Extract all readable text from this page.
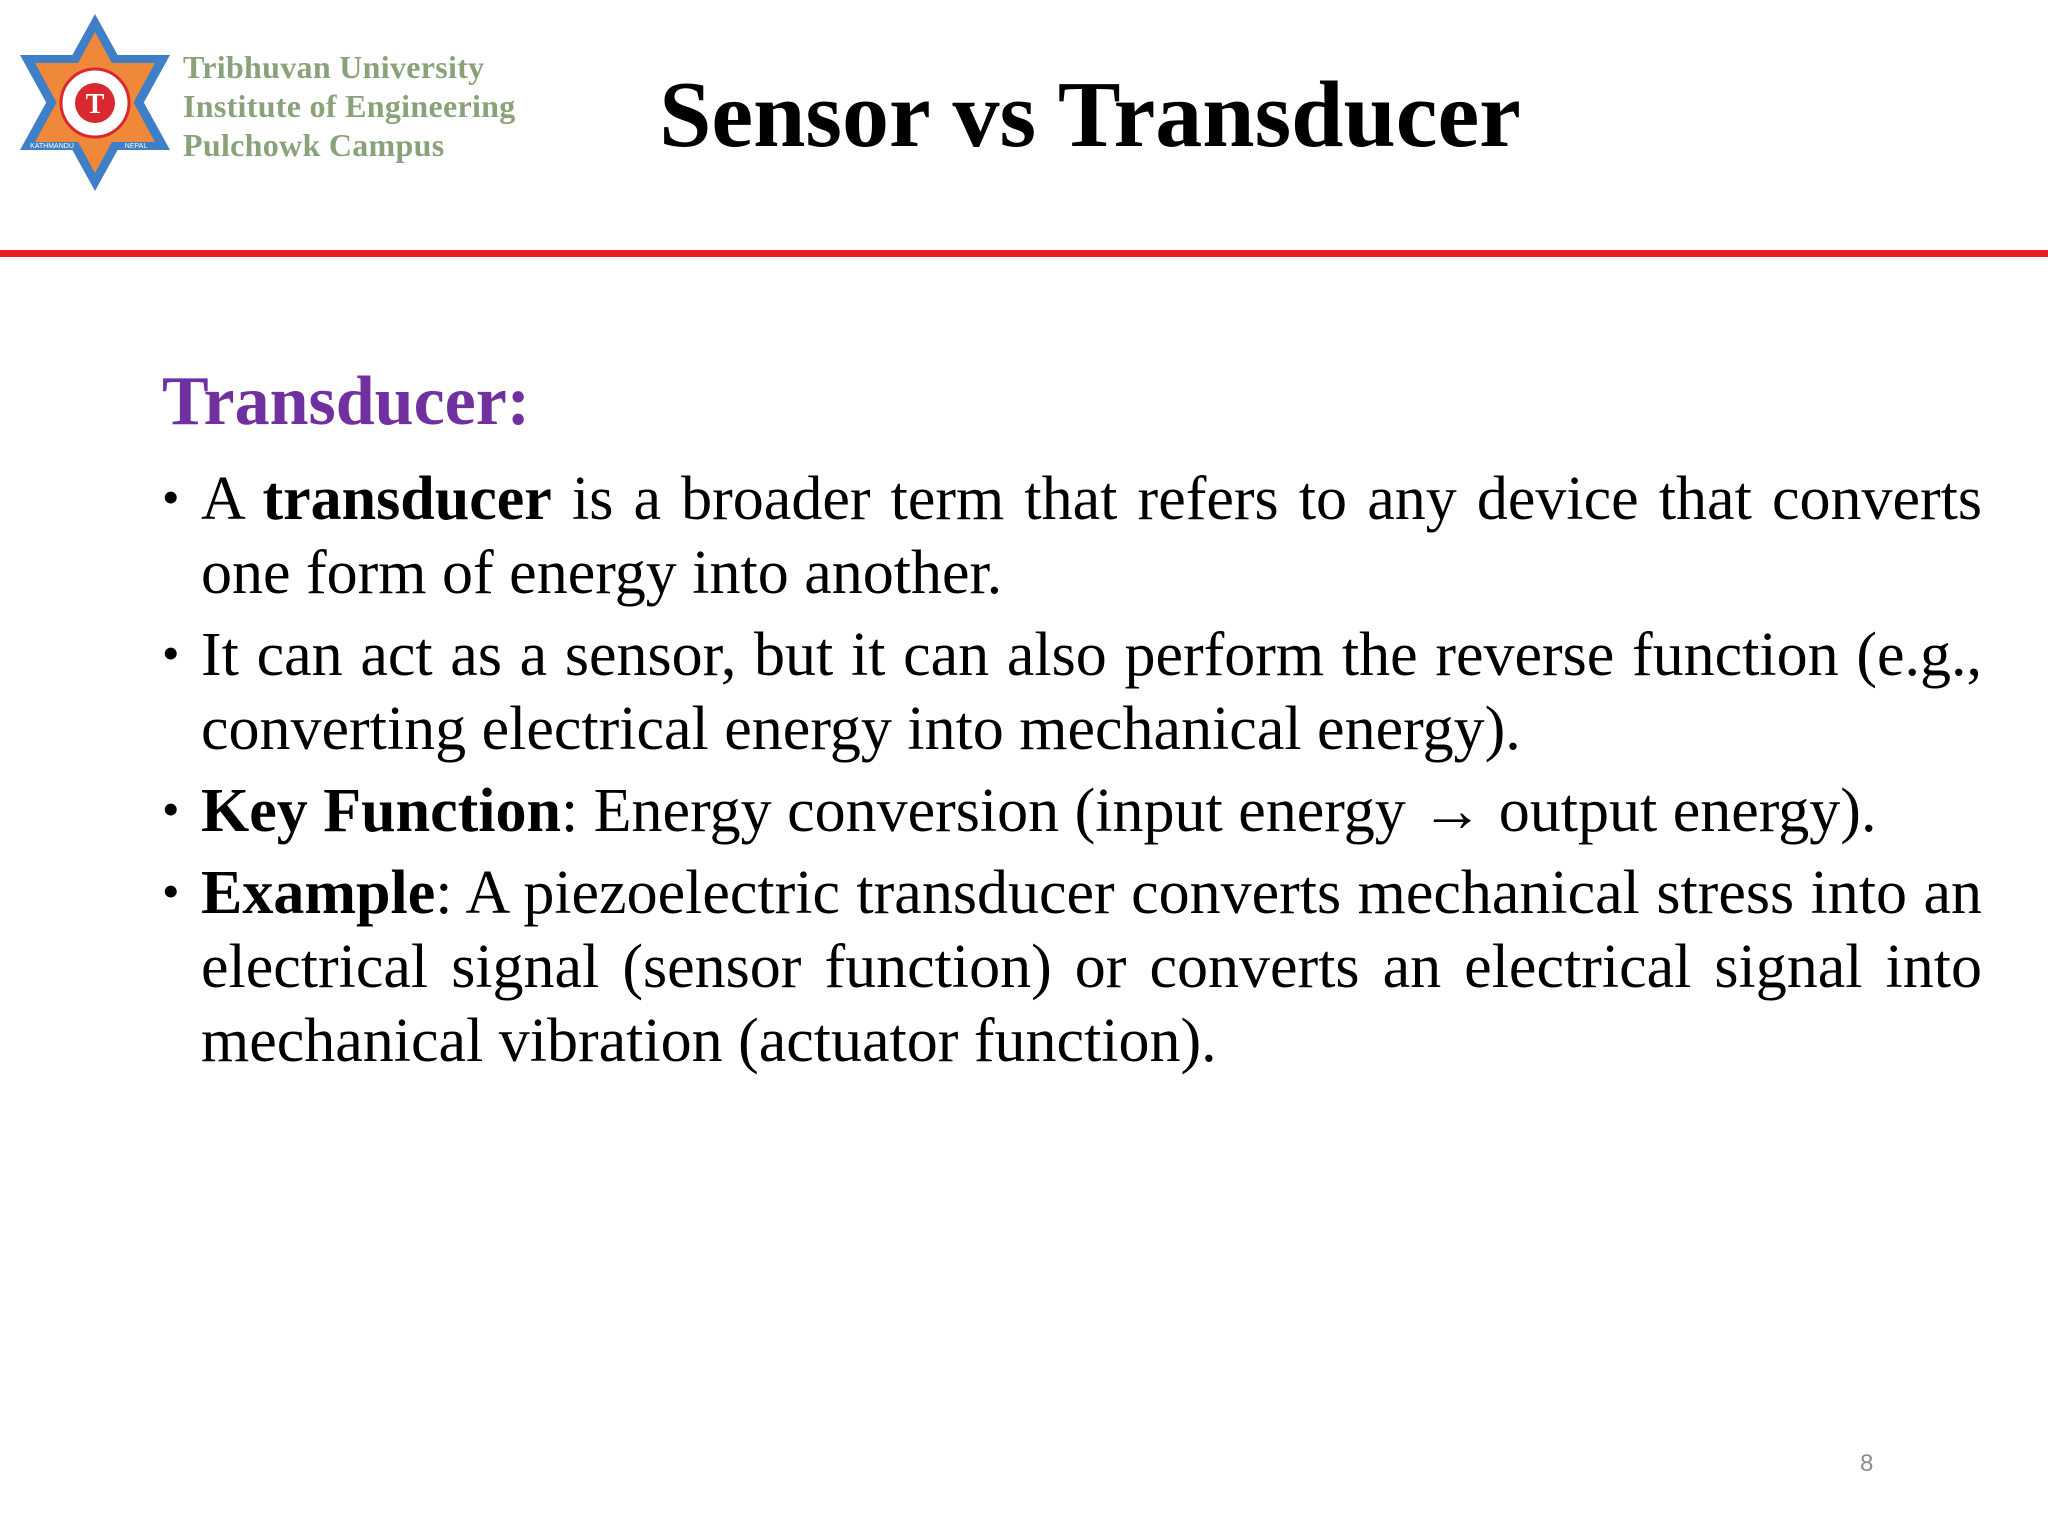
T
KATHMANDU	NEPAL
Tribhuvan University
Institute of Engineering
Pulchowk Campus	Sensor vs Transducer
Transducer:
• A transducer is a broader term that refers to any device that converts one form of energy into another.
• It can act as a sensor, but it can also perform the reverse function (e.g., converting electrical energy into mechanical energy).
• Key Function: Energy conversion (input energy → output energy).
• Example: A piezoelectric transducer converts mechanical stress into an electrical signal (sensor function) or converts an electrical signal into mechanical vibration (actuator function).
8
